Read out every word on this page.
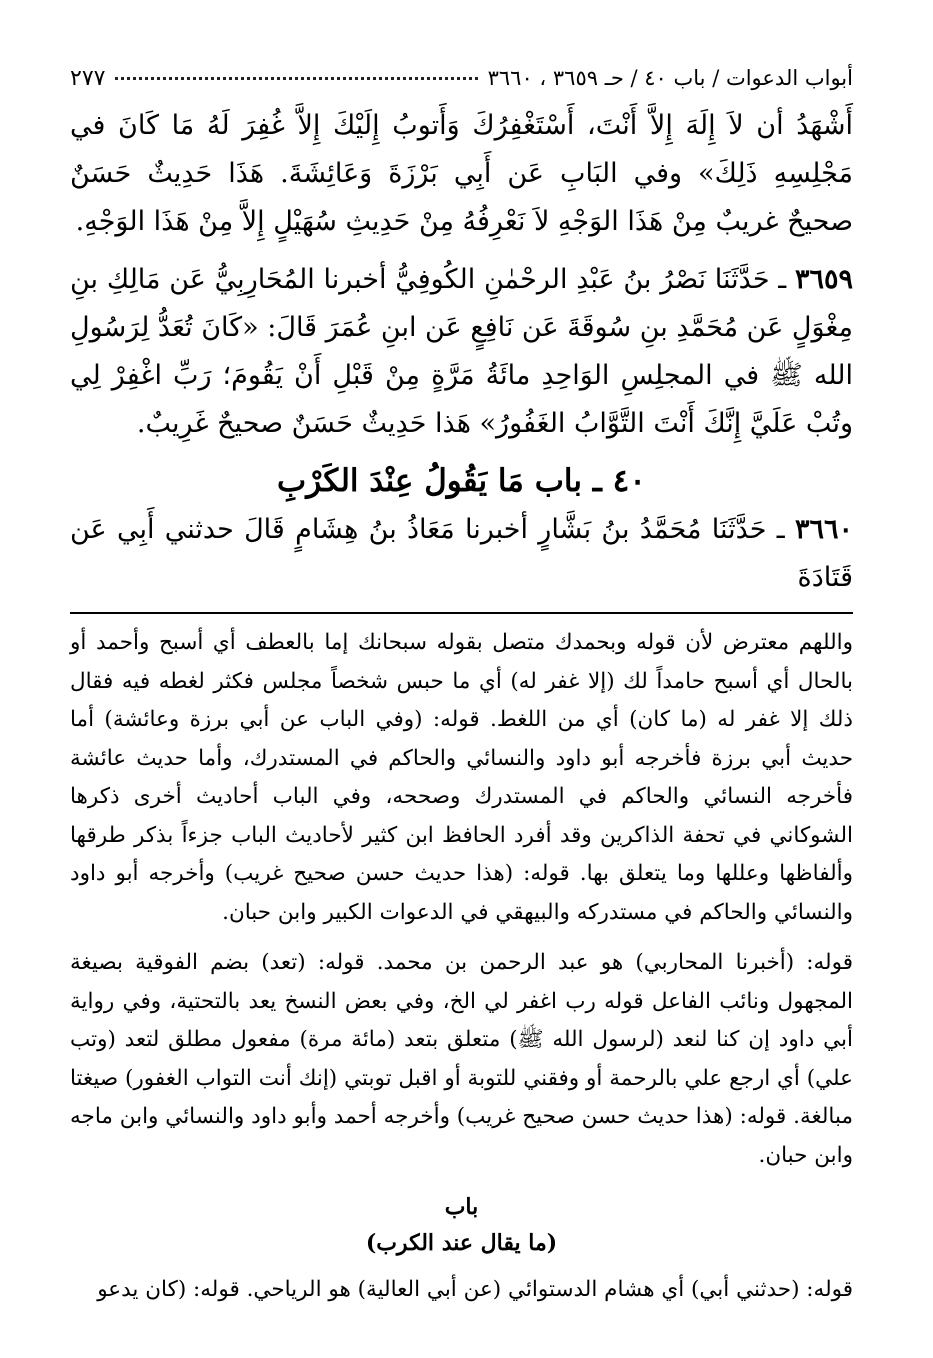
أبواب الدعوات / باب ٤٠ / حـ ٣٦٥٩ ، ٣٦٦٠
٢٧٧

أَشْهَدُ أن لاَ إِلَهَ إِلاَّ أَنْتَ، أَسْتَغْفِرُكَ وَأَتوبُ إِلَيْكَ إِلاَّ غُفِرَ لَهُ مَا كَانَ في مَجْلِسِهِ ذَلِكَ» وفي البَابِ عَن أَبِي بَرْزَةَ وَعَائِشَةَ. هَذَا حَدِيثٌ حَسَنٌ صحيحٌ غريبٌ مِنْ هَذَا الوَجْهِ لاَ نَعْرِفُهُ مِنْ حَدِيثِ سُهَيْلٍ إِلاَّ مِنْ هَذَا الوَجْهِ.

٣٦٥٩ ـ حَدَّثَنَا نَصْرُ بنُ عَبْدِ الرحْمٰنِ الكُوفِيُّ أخبرنا المُحَارِبِيُّ عَن مَالِكِ بنِ مِغْوَلٍ عَن مُحَمَّدِ بنِ سُوقَةَ عَن نَافِعٍ عَن ابنِ عُمَرَ قَالَ: «كَانَ تُعَدُّ لِرَسُولِ الله ﷺ في المجلِسِ الوَاحِدِ مائَةُ مَرَّةٍ مِنْ قَبْلِ أَنْ يَقُومَ؛ رَبِّ اغْفِرْ لِي وتُبْ عَلَيَّ إِنَّكَ أَنْتَ التَّوَّابُ الغَفُورُ» هَذا حَدِيثٌ حَسَنٌ صحيحٌ غَرِيبٌ.

٤٠ ـ باب مَا يَقُولُ عِنْدَ الكَرْبِ

٣٦٦٠ ـ حَدَّثَنَا مُحَمَّدُ بنُ بَشَّارٍ أخبرنا مَعَاذُ بنُ هِشَامٍ قَالَ حدثني أَبِي عَن قَتَادَةَ

واللهم معترض لأن قوله وبحمدك متصل بقوله سبحانك إما بالعطف أي أسبح وأحمد أو بالحال أي أسبح حامداً لك (إلا غفر له) أي ما حبس شخصاً مجلس فكثر لغطه فيه فقال ذلك إلا غفر له (ما كان) أي من اللغط. قوله: (وفي الباب عن أبي برزة وعائشة) أما حديث أبي برزة فأخرجه أبو داود والنسائي والحاكم في المستدرك، وأما حديث عائشة فأخرجه النسائي والحاكم في المستدرك وصححه، وفي الباب أحاديث أخرى ذكرها الشوكاني في تحفة الذاكرين وقد أفرد الحافظ ابن كثير لأحاديث الباب جزءاً بذكر طرقها وألفاظها وعللها وما يتعلق بها. قوله: (هذا حديث حسن صحيح غريب) وأخرجه أبو داود والنسائي والحاكم في مستدركه والبيهقي في الدعوات الكبير وابن حبان.

قوله: (أخبرنا المحاربي) هو عبد الرحمن بن محمد. قوله: (تعد) بضم الفوقية بصيغة المجهول ونائب الفاعل قوله رب اغفر لي الخ، وفي بعض النسخ يعد بالتحتية، وفي رواية أبي داود إن كنا لنعد (لرسول الله ﷺ) متعلق بتعد (مائة مرة) مفعول مطلق لتعد (وتب علي) أي ارجع علي بالرحمة أو وفقني للتوبة أو اقبل توبتي (إنك أنت التواب الغفور) صيغتا مبالغة. قوله: (هذا حديث حسن صحيح غريب) وأخرجه أحمد وأبو داود والنسائي وابن ماجه وابن حبان.

باب
(ما يقال عند الكرب)

قوله: (حدثني أبي) أي هشام الدستوائي (عن أبي العالية) هو الرياحي. قوله: (كان يدعو
